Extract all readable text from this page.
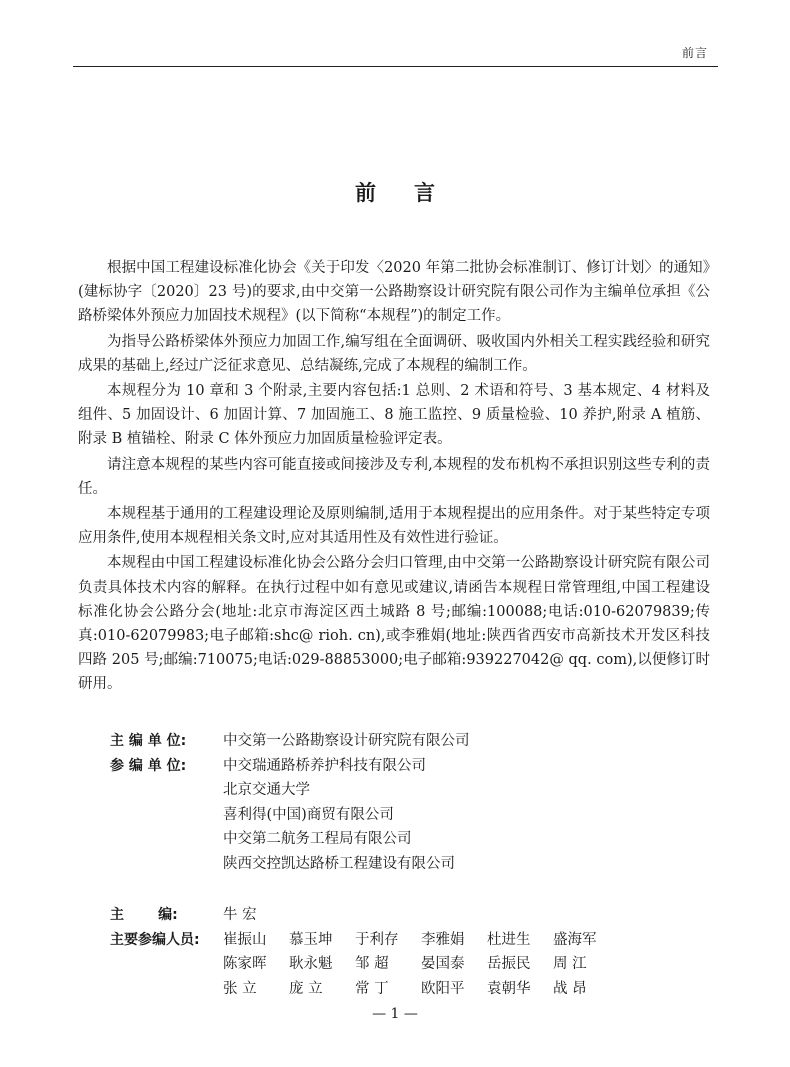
前言
前言

根据中国工程建设标准化协会《关于印发〈2020 年第二批协会标准制订、修订计划〉的通知》(建标协字〔2020〕23 号)的要求,由中交第一公路勘察设计研究院有限公司作为主编单位承担《公路桥梁体外预应力加固技术规程》(以下简称“本规程”)的制定工作。

为指导公路桥梁体外预应力加固工作,编写组在全面调研、吸收国内外相关工程实践经验和研究成果的基础上,经过广泛征求意见、总结凝练,完成了本规程的编制工作。

本规程分为 10 章和 3 个附录,主要内容包括:1 总则、2 术语和符号、3 基本规定、4 材料及组件、5 加固设计、6 加固计算、7 加固施工、8 施工监控、9 质量检验、10 养护,附录 A 植筋、附录 B 植锚栓、附录 C 体外预应力加固质量检验评定表。

请注意本规程的某些内容可能直接或间接涉及专利,本规程的发布机构不承担识别这些专利的责任。

本规程基于通用的工程建设理论及原则编制,适用于本规程提出的应用条件。对于某些特定专项应用条件,使用本规程相关条文时,应对其适用性及有效性进行验证。

本规程由中国工程建设标准化协会公路分会归口管理,由中交第一公路勘察设计研究院有限公司负责具体技术内容的解释。在执行过程中如有意见或建议,请函告本规程日常管理组,中国工程建设标准化协会公路分会(地址:北京市海淀区西土城路 8 号;邮编:100088;电话:010-62079839;传真:010-62079983;电子邮箱:shc@ rioh. cn),或李雅娟(地址:陕西省西安市高新技术开发区科技四路 205 号;邮编:710075;电话:029-88853000;电子邮箱:939227042@ qq. com),以便修订时研用。

主 编 单 位:	中交第一公路勘察设计研究院有限公司
参 编 单 位:	中交瑞通路桥养护科技有限公司
北京交通大学
喜利得(中国)商贸有限公司
中交第二航务工程局有限公司
陕西交控凯达路桥工程建设有限公司
主       编:	牛 宏
主要参编人员:	崔振山	慕玉坤	于利存	李雅娟	杜进生	盛海军
陈家晖	耿永魁	邹 超	晏国泰	岳振民	周 江
张 立	庞 立	常 丁	欧阳平	袁朝华	战 昂
— 1 —
